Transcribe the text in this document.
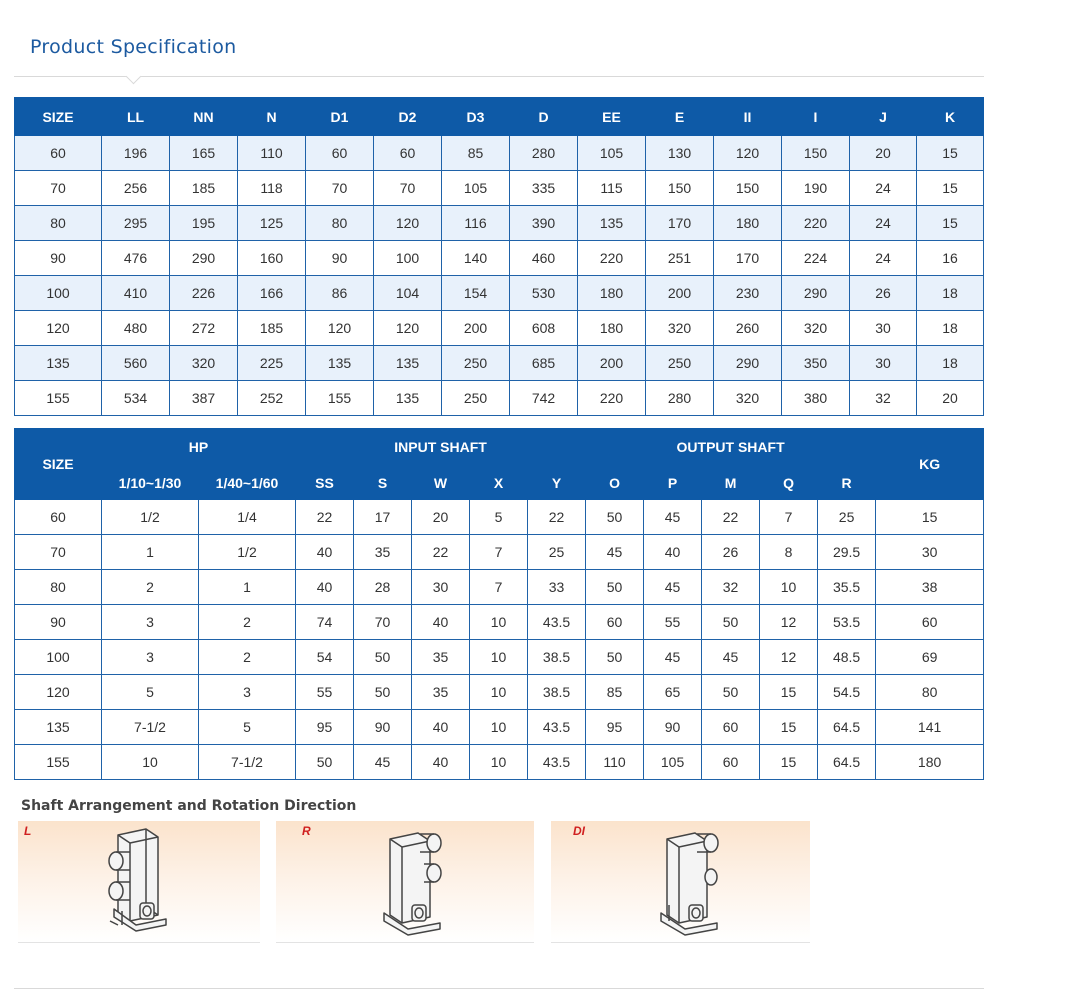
Product Specification
SIZE	LL	NN	N	D1	D2	D3	D	EE	E	II	I	J	K
60	196	165	110	60	60	85	280	105	130	120	150	20	15
70	256	185	118	70	70	105	335	115	150	150	190	24	15
80	295	195	125	80	120	116	390	135	170	180	220	24	15
90	476	290	160	90	100	140	460	220	251	170	224	24	16
100	410	226	166	86	104	154	530	180	200	230	290	26	18
120	480	272	185	120	120	200	608	180	320	260	320	30	18
135	560	320	225	135	135	250	685	200	250	290	350	30	18
155	534	387	252	155	135	250	742	220	280	320	380	32	20
SIZE	HP		INPUT SHAFT					OUTPUT SHAFT					KG
	1/10~1/30	1/40~1/60	SS	S	W	X	Y	O	P	M	Q	R	
60	1/2	1/4	22	17	20	5	22	50	45	22	7	25	15
70	1	1/2	40	35	22	7	25	45	40	26	8	29.5	30
80	2	1	40	28	30	7	33	50	45	32	10	35.5	38
90	3	2	74	70	40	10	43.5	60	55	50	12	53.5	60
100	3	2	54	50	35	10	38.5	50	45	45	12	48.5	69
120	5	3	55	50	35	10	38.5	85	65	50	15	54.5	80
135	7-1/2	5	95	90	40	10	43.5	95	90	60	15	64.5	141
155	10	7-1/2	50	45	40	10	43.5	110	105	60	15	64.5	180
Shaft Arrangement and Rotation Direction
L	R	DI
